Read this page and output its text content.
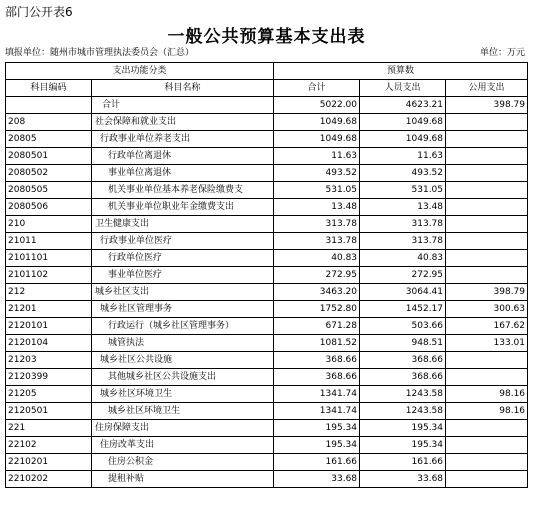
部门公开表6
一般公共预算基本支出表
填报单位：随州市城市管理执法委员会（汇总）	单位：万元
支出功能分类		预算数		
科目编码	科目名称	合计	人员支出	公用支出
	合计	5022.00	4623.21	398.79
208	社会保障和就业支出	1049.68	1049.68	
20805	行政事业单位养老支出	1049.68	1049.68	
2080501	行政单位离退休	11.63	11.63	
2080502	事业单位离退休	493.52	493.52	
2080505	机关事业单位基本养老保险缴费支	531.05	531.05	
2080506	机关事业单位职业年金缴费支出	13.48	13.48	
210	卫生健康支出	313.78	313.78	
21011	行政事业单位医疗	313.78	313.78	
2101101	行政单位医疗	40.83	40.83	
2101102	事业单位医疗	272.95	272.95	
212	城乡社区支出	3463.20	3064.41	398.79
21201	城乡社区管理事务	1752.80	1452.17	300.63
2120101	行政运行（城乡社区管理事务）	671.28	503.66	167.62
2120104	城管执法	1081.52	948.51	133.01
21203	城乡社区公共设施	368.66	368.66	
2120399	其他城乡社区公共设施支出	368.66	368.66	
21205	城乡社区环境卫生	1341.74	1243.58	98.16
2120501	城乡社区环境卫生	1341.74	1243.58	98.16
221	住房保障支出	195.34	195.34	
22102	住房改革支出	195.34	195.34	
2210201	住房公积金	161.66	161.66	
2210202	提租补贴	33.68	33.68	
